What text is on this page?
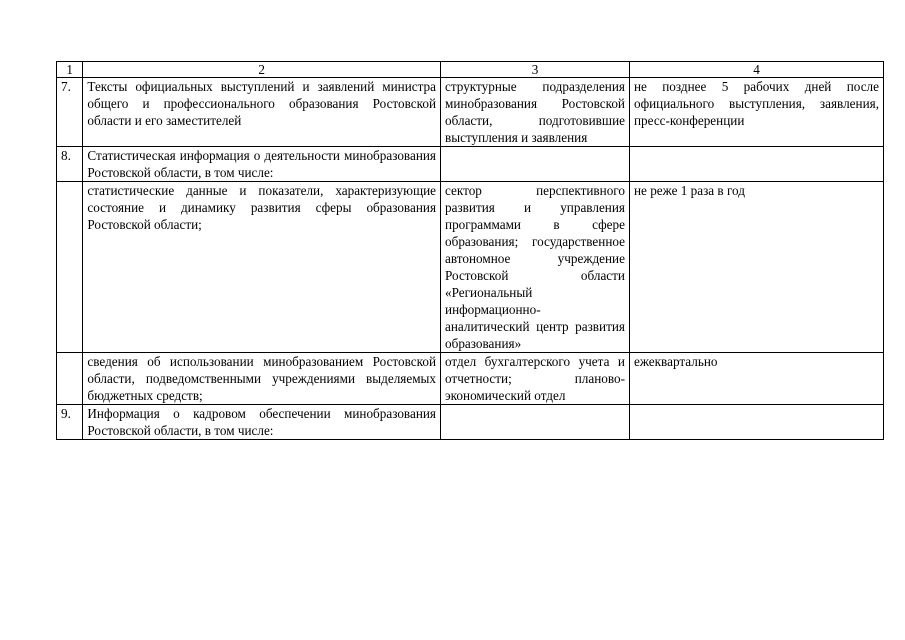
1	2	3	4
7.	Тексты официальных выступлений и заявлений министра общего и профессионального образования Ростовской области и его заместителей	структурные подразделения минобразования Ростовской области, подготовившие выступления и заявления	не позднее 5 рабочих дней после официального выступления, заявления, пресс-конференции
8.	Статистическая информация о деятельности минобразования Ростовской области, в том числе:		
	статистические данные и показатели, характеризующие состояние и динамику развития сферы образования Ростовской области;	сектор перспективного развития и управления программами в сфере образования; государственное автономное учреждение Ростовской области «Региональный информационно-аналитический центр развития образования»	не реже 1 раза в год
	сведения об использовании минобразованием Ростовской области, подведомственными учреждениями выделяемых бюджетных средств;	отдел бухгалтерского учета и отчетности; планово-экономический отдел	ежеквартально
9.	Информация о кадровом обеспечении минобразования Ростовской области, в том числе:		
